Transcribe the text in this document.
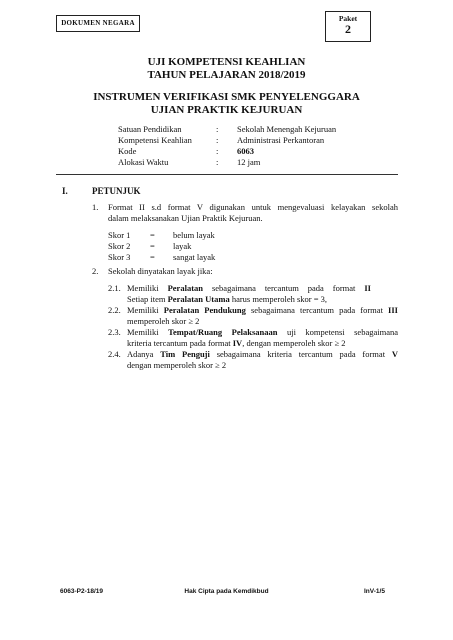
DOKUMEN NEGARA	Paket
2
UJI KOMPETENSI KEAHLIAN
TAHUN PELAJARAN 2018/2019
INSTRUMEN VERIFIKASI SMK PENYELENGGARA
UJIAN PRAKTIK KEJURUAN
Satuan Pendidikan	: Sekolah Menengah Kejuruan
Kompetensi Keahlian	: Administrasi Perkantoran
Kode	: 6063
Alokasi Waktu	: 12 jam
I.	PETUNJUK
1. Format II s.d format V digunakan untuk mengevaluasi kelayakan sekolah
dalam melaksanakan Ujian Praktik Kejuruan.
Skor 1 = belum layak
Skor 2 = layak
Skor 3 = sangat layak
2. Sekolah dinyatakan layak jika:
2.1. Memiliki Peralatan sebagaimana tercantum pada format II
Setiap item Peralatan Utama harus memperoleh skor = 3,
2.2. Memiliki Peralatan Pendukung sebagaimana tercantum pada format III
memperoleh skor ≥ 2
2.3. Memiliki Tempat/Ruang Pelaksanaan uji kompetensi sebagaimana
kriteria tercantum pada format IV, dengan memperoleh skor ≥ 2
2.4. Adanya Tim Penguji sebagaimana kriteria tercantum pada format V
dengan memperoleh skor ≥ 2
6063-P2-18/19	Hak Cipta pada Kemdikbud	InV-1/5
